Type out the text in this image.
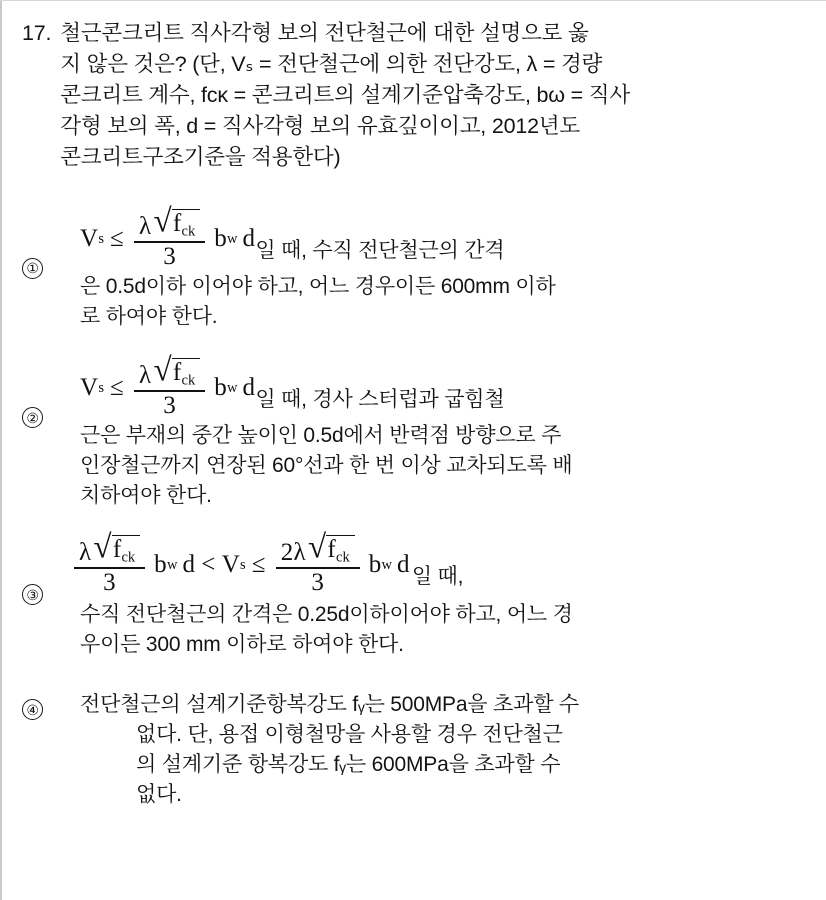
17. 철근콘크리트 직사각형 보의 전단철근에 대한 설명으로 옳
지 않은 것은? (단, Vₛ = 전단철근에 의한 전단강도, λ = 경량
콘크리트 계수, fᴄᴋ = 콘크리트의 설계기준압축강도, bω = 직사
각형 보의 폭, d = 직사각형 보의 유효깊이이고, 2012년도
콘크리트구조기준을 적용한다)
①
V $s \le \frac{\lambda √ f_{ck}}{3}$ b w d 일 때, 수직 전단철근의 간격
은 0.5d이하 이어야 하고, 어느 경우이든 600mm 이하
로 하여야 한다.
②
V $s \le \frac{\lambda √ f_{ck}}{3}$ b w d 일 때, 경사 스터럽과 굽힘철
근은 부재의 중간 높이인 0.5d에서 반력점 방향으로 주
인장철근까지 연장된 60°선과 한 번 이상 교차되도록 배
치하여야 한다.
③ $\frac{\lambda √ f_{ck}}{3}$ b w d < V $s \le \frac{2 \lambda √ f_{ck}}{3}$ b w d 일 때,
수직 전단철근의 간격은 0.25d이하이어야 하고, 어느 경
우이든 300 mm 이하로 하여야 한다.
④ 전단철근의 설계기준항복강도 fᵧ는 500MPa을 초과할 수
없다. 단, 용접 이형철망을 사용할 경우 전단철근
의 설계기준 항복강도 fᵧ는 600MPa을 초과할 수
없다.
